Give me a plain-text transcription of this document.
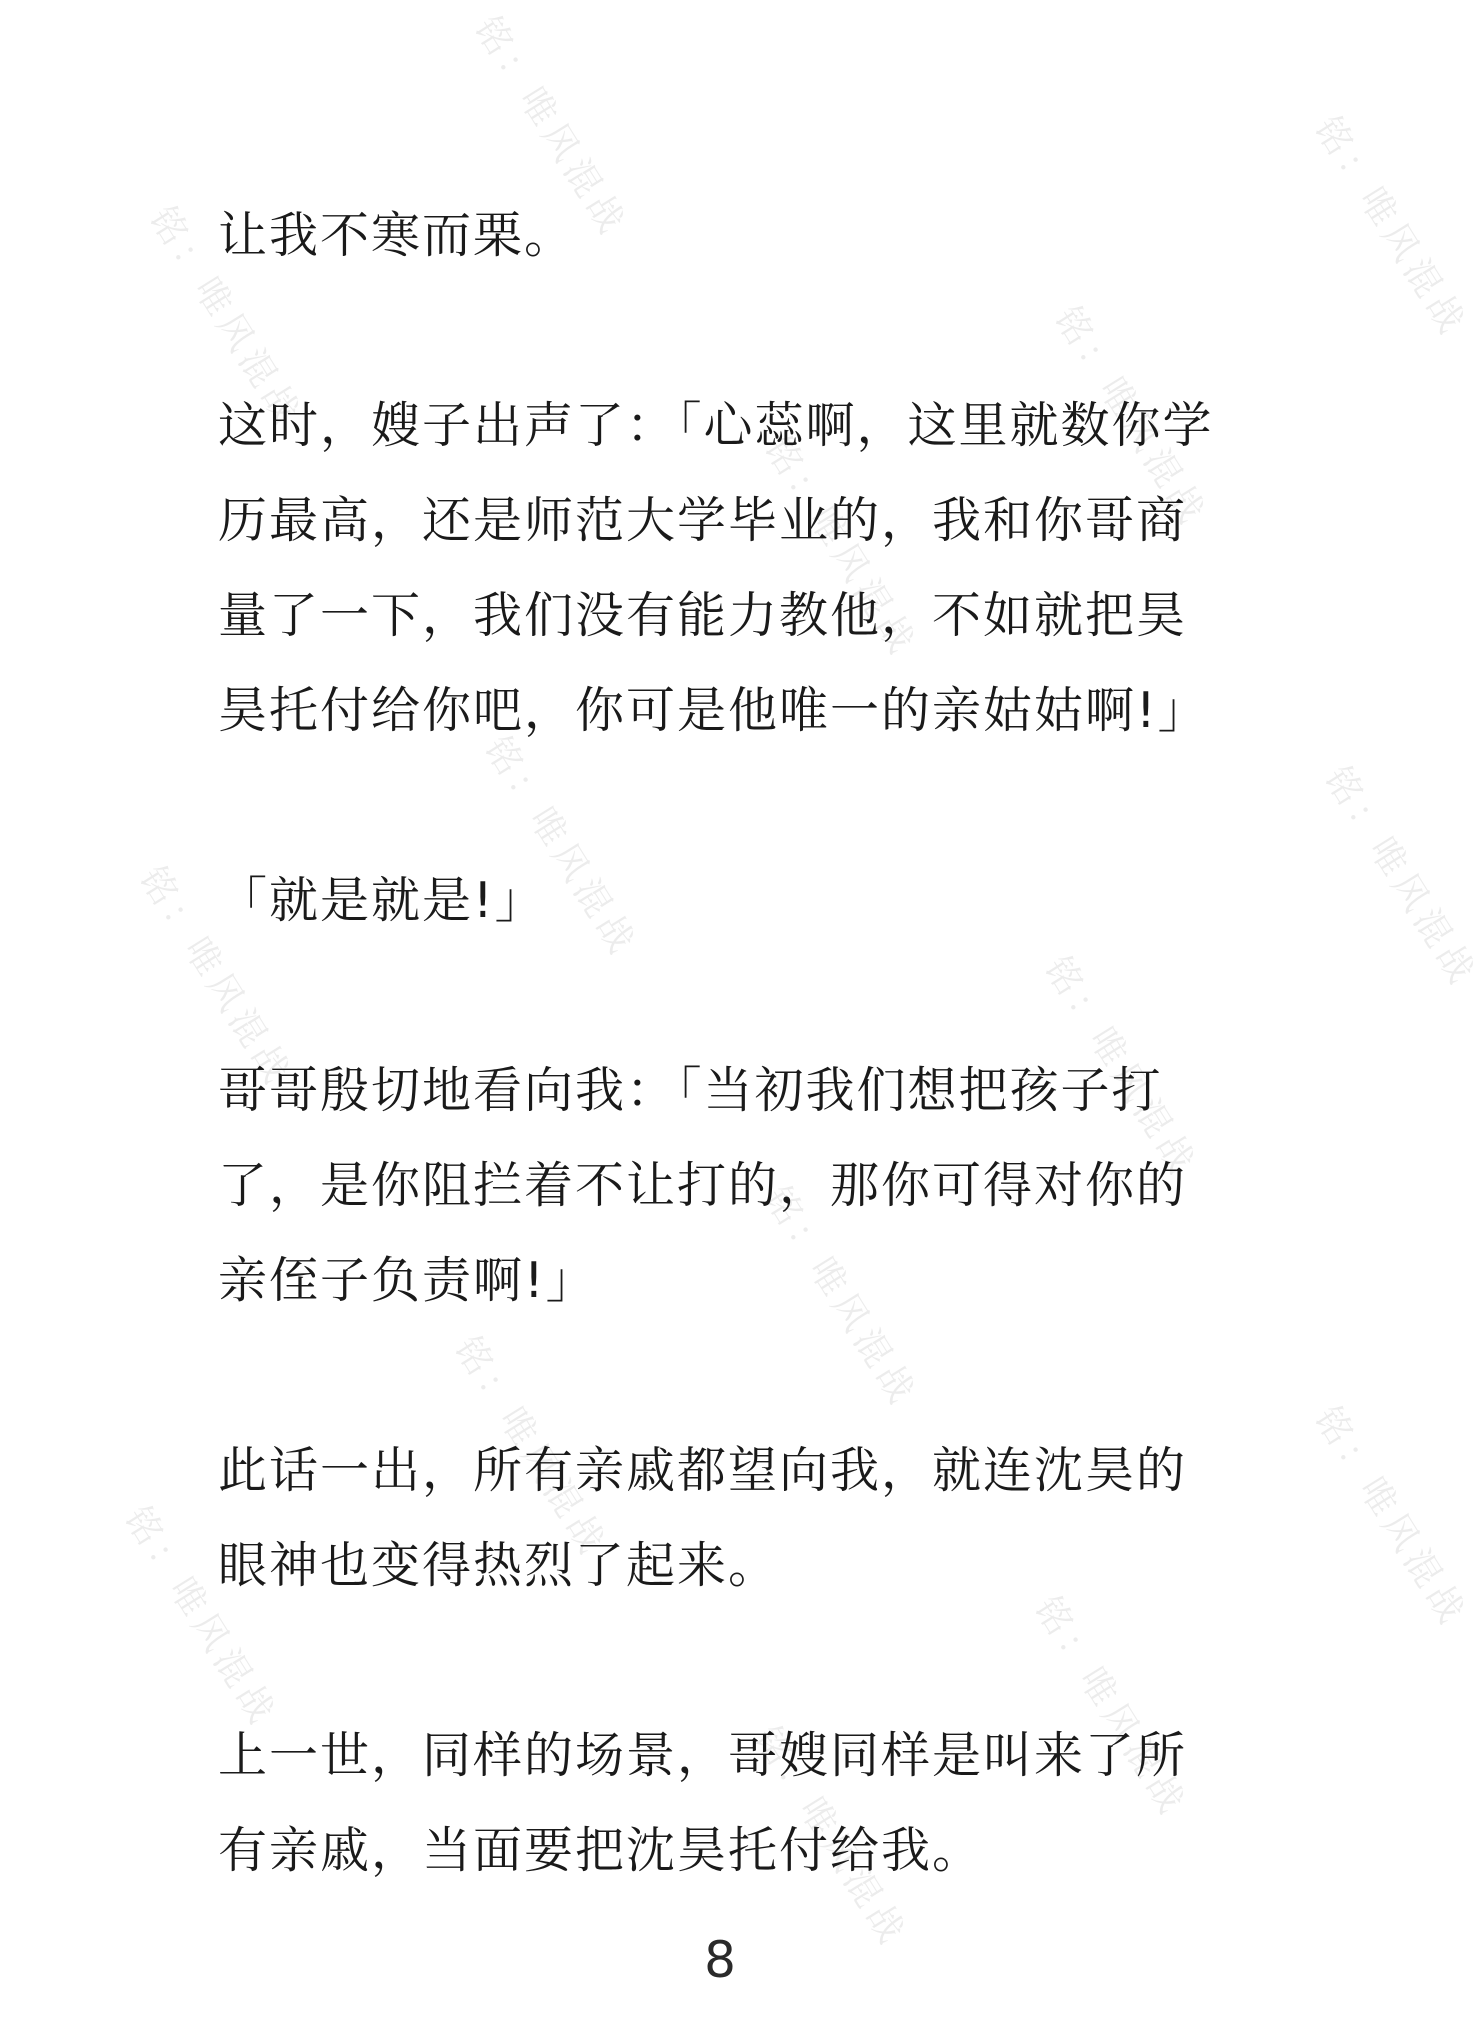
铭：唯风混战	铭：唯风混战
铭：唯风混战	铭：唯风混战
铭：唯风混战
铭：唯风混战	铭：唯风混战
铭：唯风混战	铭：唯风混战
铭：唯风混战
铭：唯风混战	铭：唯风混战
铭：唯风混战	铭：唯风混战
铭：唯风混战

让我不寒而栗。

这时，嫂子出声了：「心蕊啊，这里就数你学历最高，还是师范大学毕业的，我和你哥商量了一下，我们没有能力教他，不如就把昊昊托付给你吧，你可是他唯一的亲姑姑啊!」

「就是就是!」

哥哥殷切地看向我：「当初我们想把孩子打了，是你阻拦着不让打的，那你可得对你的亲侄子负责啊!」

此话一出，所有亲戚都望向我，就连沈昊的眼神也变得热烈了起来。

上一世，同样的场景，哥嫂同样是叫来了所有亲戚，当面要把沈昊托付给我。

8
